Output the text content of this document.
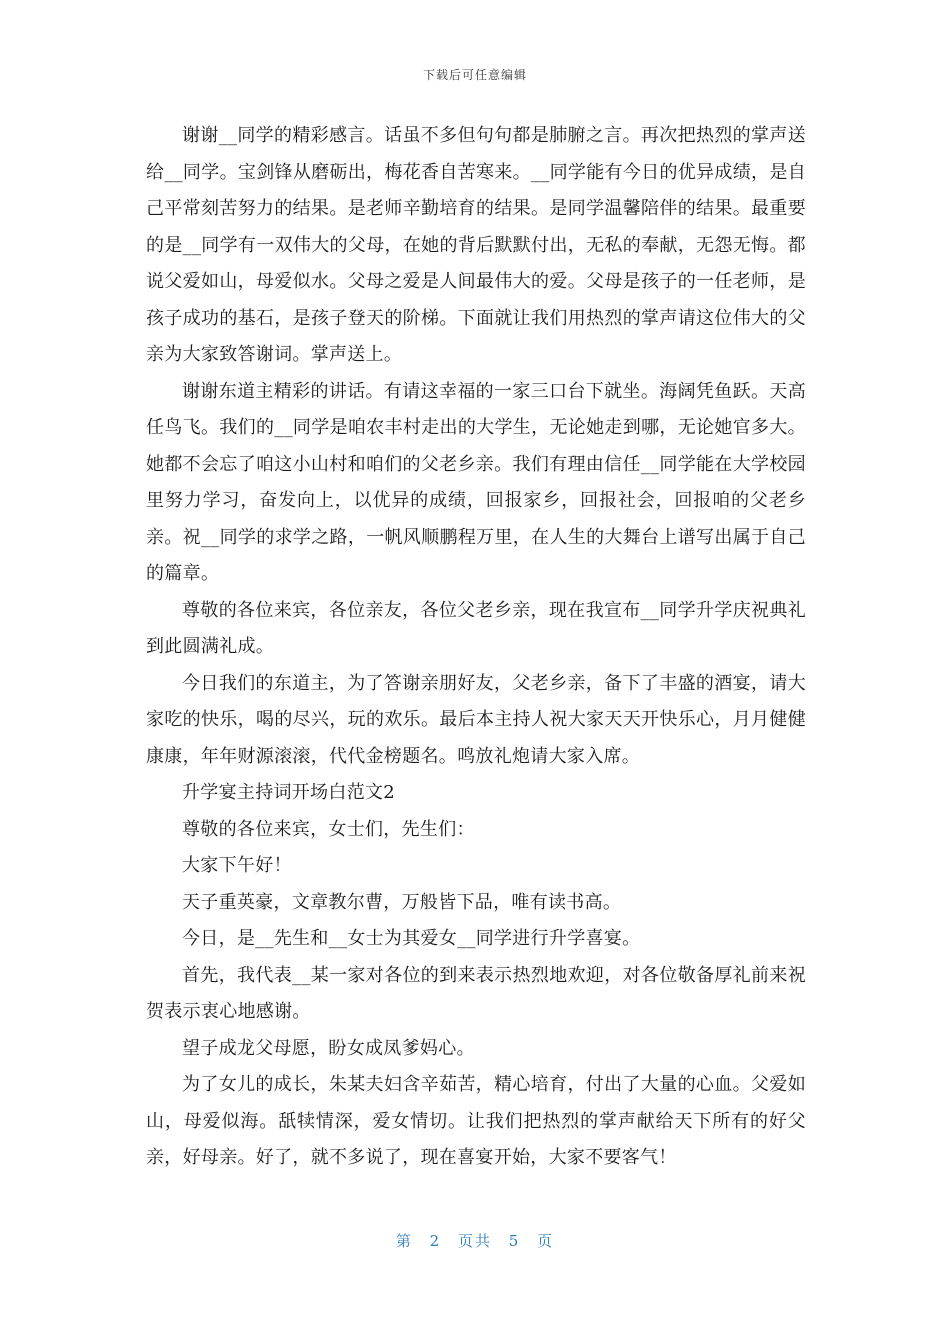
下载后可任意编辑

谢谢__同学的精彩感言。话虽不多但句句都是肺腑之言。再次把热烈的掌声送给__同学。宝剑锋从磨砺出，梅花香自苦寒来。__同学能有今日的优异成绩，是自己平常刻苦努力的结果。是老师辛勤培育的结果。是同学温馨陪伴的结果。最重要的是__同学有一双伟大的父母，在她的背后默默付出，无私的奉献，无怨无悔。都说父爱如山，母爱似水。父母之爱是人间最伟大的爱。父母是孩子的一任老师，是孩子成功的基石，是孩子登天的阶梯。下面就让我们用热烈的掌声请这位伟大的父亲为大家致答谢词。掌声送上。

谢谢东道主精彩的讲话。有请这幸福的一家三口台下就坐。海阔凭鱼跃。天高任鸟飞。我们的__同学是咱农丰村走出的大学生，无论她走到哪，无论她官多大。她都不会忘了咱这小山村和咱们的父老乡亲。我们有理由信任__同学能在大学校园里努力学习，奋发向上，以优异的成绩，回报家乡，回报社会，回报咱的父老乡亲。祝__同学的求学之路，一帆风顺鹏程万里，在人生的大舞台上谱写出属于自己的篇章。

尊敬的各位来宾，各位亲友，各位父老乡亲，现在我宣布__同学升学庆祝典礼到此圆满礼成。

今日我们的东道主，为了答谢亲朋好友，父老乡亲，备下了丰盛的酒宴，请大家吃的快乐，喝的尽兴，玩的欢乐。最后本主持人祝大家天天开快乐心，月月健健康康，年年财源滚滚，代代金榜题名。鸣放礼炮请大家入席。

升学宴主持词开场白范文2

尊敬的各位来宾，女士们，先生们：

大家下午好！

天子重英豪，文章教尔曹，万般皆下品，唯有读书高。

今日，是__先生和__女士为其爱女__同学进行升学喜宴。

首先，我代表__某一家对各位的到来表示热烈地欢迎，对各位敬备厚礼前来祝贺表示衷心地感谢。

望子成龙父母愿，盼女成凤爹妈心。

为了女儿的成长，朱某夫妇含辛茹苦，精心培育，付出了大量的心血。父爱如山，母爱似海。舐犊情深，爱女情切。让我们把热烈的掌声献给天下所有的好父亲，好母亲。好了，就不多说了，现在喜宴开始，大家不要客气！

第 2 页共 5 页
